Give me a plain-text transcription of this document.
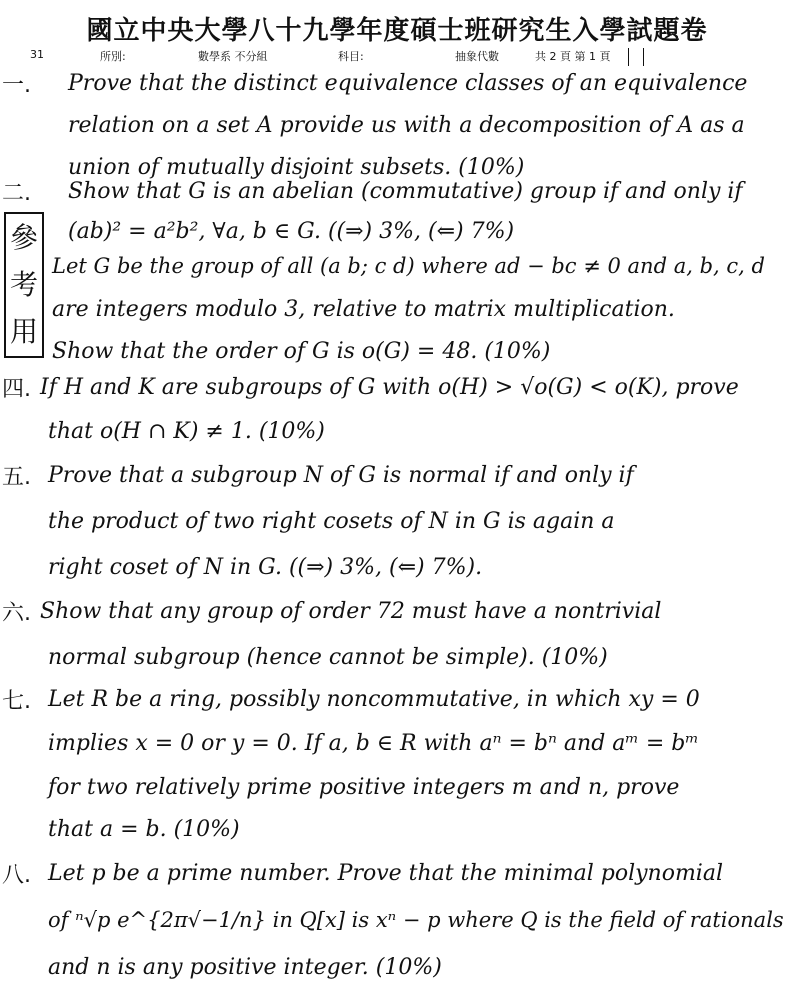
國立中央大學八十九學年度碩士班研究生入學試題卷
31	所別:	數學系 不分組	科目:	抽象代數	共 2 頁 第 1 頁
參
考
用
一. Prove that the distinct equivalence classes of an equivalence
relation on a set A provide us with a decomposition of A as a
union of mutually disjoint subsets. (10%)
二. Show that G is an abelian (commutative) group if and only if
(ab)² = a²b², ∀a, b ∈ G. ((⇒) 3%, (⇐) 7%)
Let G be the group of all (a b; c d) where ad − bc ≠ 0 and a, b, c, d
are integers modulo 3, relative to matrix multiplication.
Show that the order of G is o(G) = 48. (10%)
四. If H and K are subgroups of G with o(H) > √o(G) < o(K), prove
that o(H ∩ K) ≠ 1. (10%)
五. Prove that a subgroup N of G is normal if and only if
the product of two right cosets of N in G is again a
right coset of N in G. ((⇒) 3%, (⇐) 7%).
六. Show that any group of order 72 must have a nontrivial
normal subgroup (hence cannot be simple). (10%)
七. Let R be a ring, possibly noncommutative, in which xy = 0
implies x = 0 or y = 0. If a, b ∈ R with aⁿ = bⁿ and aᵐ = bᵐ
for two relatively prime positive integers m and n, prove
that a = b. (10%)
八. Let p be a prime number. Prove that the minimal polynomial
of ⁿ√p e^{2π√−1/n} in Q[x] is xⁿ − p where Q is the field of rationals
and n is any positive integer. (10%)
